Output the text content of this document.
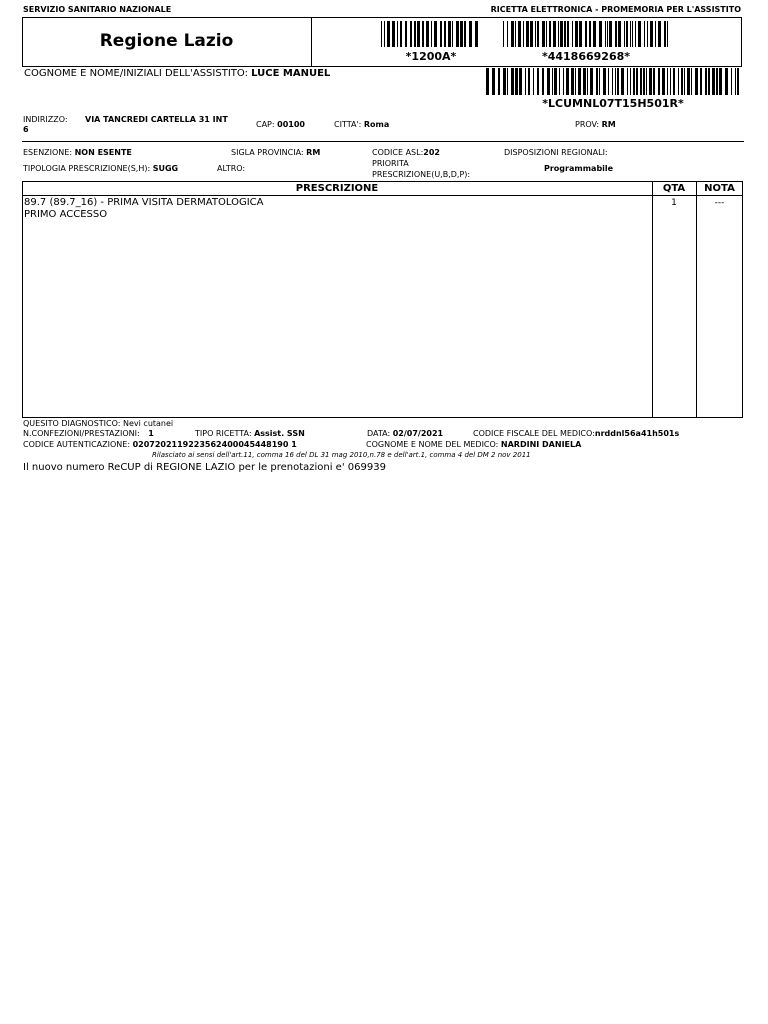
SERVIZIO SANITARIO NAZIONALE	RICETTA ELETTRONICA - PROMEMORIA PER L'ASSISTITO
Regione Lazio
*1200A*	*4418669268*
COGNOME E NOME/INIZIALI DELL'ASSISTITO: LUCE MANUEL
*LCUMNL07T15H501R*
INDIRIZZO: VIA TANCREDI CARTELLA 31 INT
6
CAP: 00100	CITTA': Roma	PROV: RM
ESENZIONE: NON ESENTE	SIGLA PROVINCIA: RM	CODICE ASL:202	DISPOSIZIONI REGIONALI:
TIPOLOGIA PRESCRIZIONE(S,H): SUGG	ALTRO:
PRIORITA
PRESCRIZIONE(U,B,D,P):
Programmabile
PRESCRIZIONE	QTA	NOTA
89.7 (89.7_16) - PRIMA VISITA DERMATOLOGICA
PRIMO ACCESSO
1	---
QUESITO DIAGNOSTICO: Nevi cutanei
N.CONFEZIONI/PRESTAZIONI: 1	TIPO RICETTA: Assist. SSN	DATA: 02/07/2021	CODICE FISCALE DEL MEDICO:nrddnl56a41h501s
CODICE AUTENTICAZIONE: 0207202119223562400045448190 1	COGNOME E NOME DEL MEDICO: NARDINI DANIELA
Rilasciato ai sensi dell'art.11, comma 16 del DL 31 mag 2010,n.78 e dell'art.1, comma 4 del DM 2 nov 2011
Il nuovo numero ReCUP di REGIONE LAZIO per le prenotazioni e' 069939
